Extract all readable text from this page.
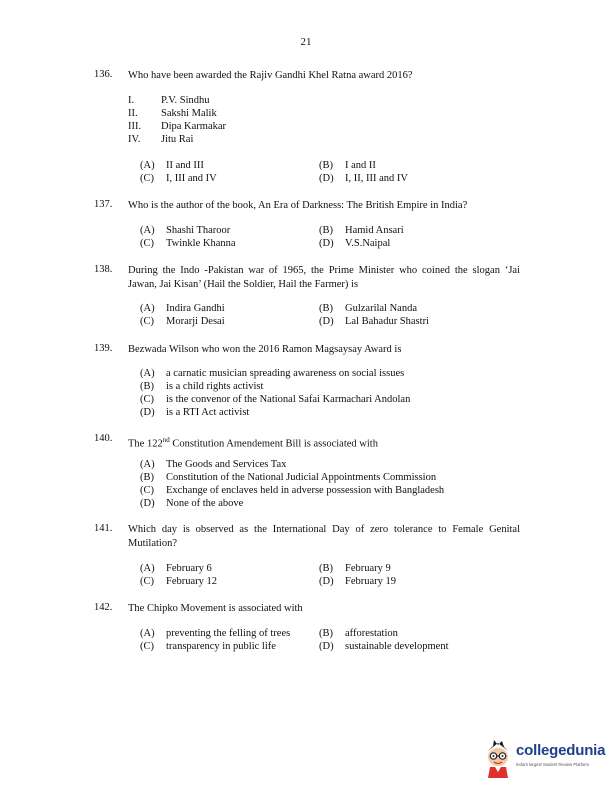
21
136. Who have been awarded the Rajiv Gandhi Khel Ratna award 2016?
I.	P.V. Sindhu
II. Sakshi Malik
III. Dipa Karmakar
IV. Jitu Rai
(A) II and III	(B) I and II
(C) I, III and IV	(D) I, II, III and IV
137. Who is the author of the book, An Era of Darkness: The British Empire in India?
(A) Shashi Tharoor	(B) Hamid Ansari
(C) Twinkle Khanna	(D) V.S.Naipal
138. During the Indo -Pakistan war of 1965, the Prime Minister who coined the slogan ‘Jai Jawan, Jai Kisan’ (Hail the Soldier, Hail the Farmer) is
(A) Indira Gandhi	(B) Gulzarilal Nanda
(C) Morarji Desai	(D) Lal Bahadur Shastri
139. Bezwada Wilson who won the 2016 Ramon Magsaysay Award is
(A) a carnatic musician spreading awareness on social issues
(B) is a child rights activist
(C) is the convenor of the National Safai Karmachari Andolan
(D) is a RTI Act activist
140. The 122nd Constitution Amendement Bill is associated with
(A) The Goods and Services Tax
(B) Constitution of the National Judicial Appointments Commission
(C) Exchange of enclaves held in adverse possession with Bangladesh
(D) None of the above
141. Which day is observed as the International Day of zero tolerance to Female Genital Mutilation?
(A) February 6	(B) February 9
(C) February 12	(D) February 19
142. The Chipko Movement is associated with
(A) preventing the felling of trees	(B) afforestation
(C) transparency in public life	(D) sustainable development
collegedunia
India's largest Student Review Platform
